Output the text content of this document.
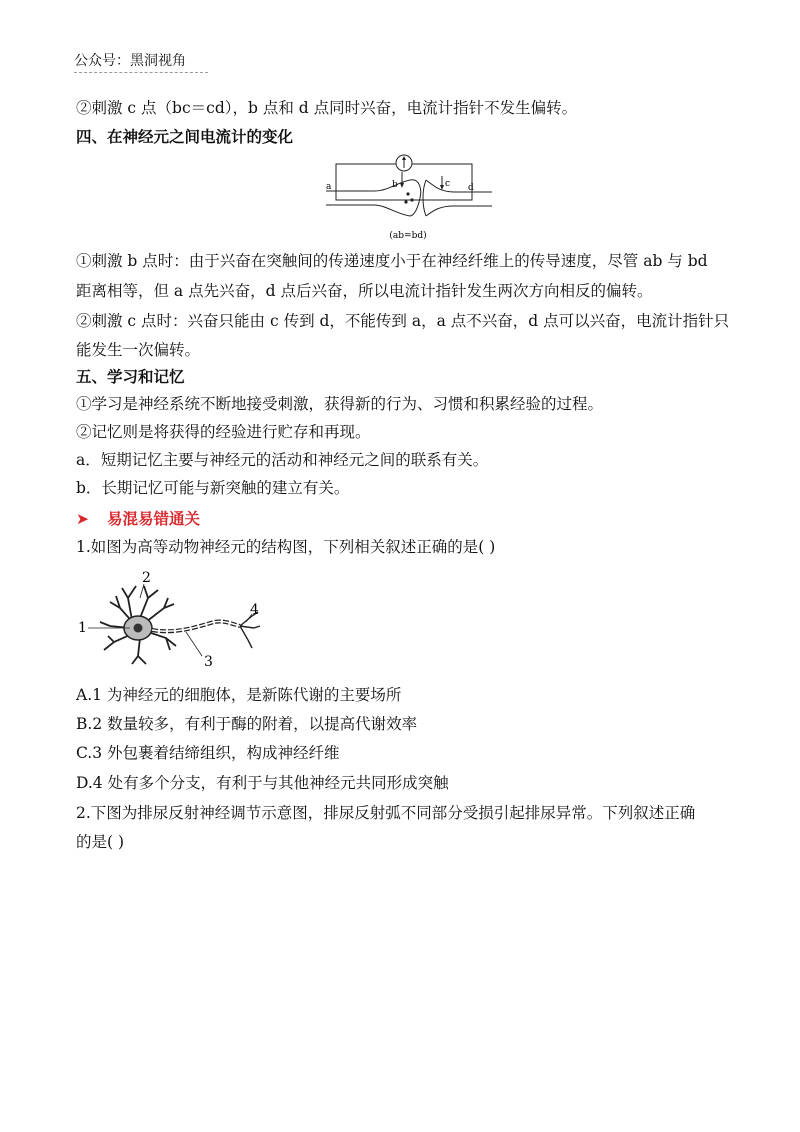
公众号：黑洞视角
②刺激 c 点（bc＝cd），b 点和 d 点同时兴奋，电流计指针不发生偏转。
四、在神经元之间电流计的变化
a	b	c d
(ab=bd)
①刺激 b 点时：由于兴奋在突触间的传递速度小于在神经纤维上的传导速度，尽管 ab 与 bd
距离相等，但 a 点先兴奋，d 点后兴奋，所以电流计指针发生两次方向相反的偏转。
②刺激 c 点时：兴奋只能由 c 传到 d，不能传到 a，a 点不兴奋，d 点可以兴奋，电流计指针只
能发生一次偏转。
五、学习和记忆
①学习是神经系统不断地接受刺激，获得新的行为、习惯和积累经验的过程。
②记忆则是将获得的经验进行贮存和再现。
a．短期记忆主要与神经元的活动和神经元之间的联系有关。
b．长期记忆可能与新突触的建立有关。
➤ 易混易错通关
1.如图为高等动物神经元的结构图，下列相关叙述正确的是( )
1
2
3
4
A.1 为神经元的细胞体，是新陈代谢的主要场所
B.2 数量较多，有利于酶的附着，以提高代谢效率
C.3 外包裹着结缔组织，构成神经纤维
D.4 处有多个分支，有利于与其他神经元共同形成突触
2.下图为排尿反射神经调节示意图，排尿反射弧不同部分受损引起排尿异常。下列叙述正确
的是( )
